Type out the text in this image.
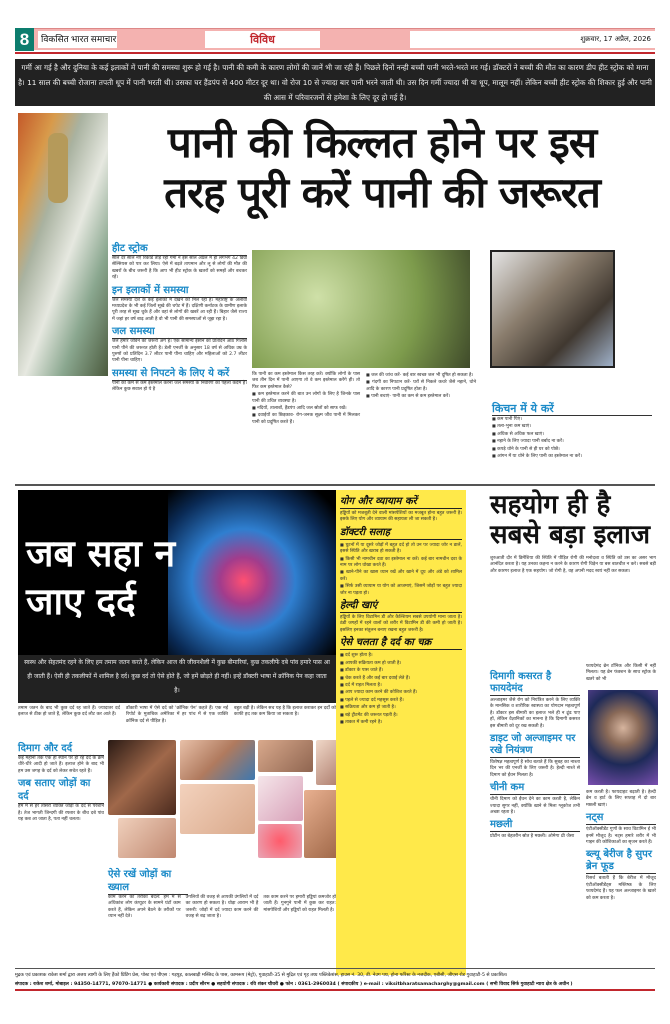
8	विकसित भारत समाचार	विविध	शुक्रवार, 17 अप्रैल, 2026
गर्मी आ गई है और दुनिया के कई इलाकों में पानी की समस्या शुरू हो गई है। पानी की कमी के कारण लोगों की जानें भी जा रही हैं। पिछले दिनों नन्ही बच्ची पानी भरते-भरते मर गई। डॉक्टरों ने बच्ची की मौत का कारण डीप हीट स्ट्रोक को माना है। 11 साल की बच्ची रोजाना तपती धूप में पानी भरती थी। उसका घर हैंडपंप से 400 मीटर दूर था। वो रोज 10 से ज्यादा बार पानी भरने जाती थी। उस दिन गर्मी ज्यादा थी या धूप, मालूम नहीं। लेकिन बच्ची हीट स्ट्रोक की शिकार हुई और पानी की आस में परिवारजनों से हमेशा के लिए दूर हो गई है।
पानी की किल्लत होने पर इस
तरह पूरी करें पानी की जरूरत
हीट स्ट्रोक
साल दर साल नए रिकॉर्ड तोड़ रही गर्मी ने इस साल अप्रैल में ही लगभग 42 डिग्री सेल्सियस को पार कर लिया। ऐसे में बढ़ते तापमान और लू से लोगों की मौत की खबरों के बीच जरूरी है कि आप भी हीट स्ट्रोक के खतरों को समझें और बचकर रहें।
इन इलाकों में समस्या
जल समस्या देश के कई इलाकों में देखने को मिल रही है। महाराष्ट्र के अलावा मध्यप्रदेश के भी कई जिलों सूखे की चपेट में हैं। दक्षिणी कर्नाटक के ग्रामीण इलाके पूरी तरह से सूख चुके हैं और वहां से लोगों की खबरें आ रही हैं। बिहार जैसे राज्य में जहां हर वर्ष बाढ़ आती है वो भी पानी की समस्याओं से जूझ रहा है।
जल समस्या
जल हमारे जीवन का जरूरी अंग है। एक सामान्य इंसान को प्रतिदिन आठ गिलास पानी पीने की जरूरत होती है। डेली एनर्जी के अनुसार 18 वर्ष से अधिक उम्र के पुरुषों को प्रतिदिन 3.7 लीटर पानी पीना चाहिए और महिलाओं को 2.7 लीटर पानी पीना चाहिए।
समस्या से निपटने के लिए ये करें
पानी का कम से कम इस्तेमाल करना जल समस्या के निवारण का पहला कदम है। लेकिन कुछ सवाल हो ये है
कि पानी का कम इस्तेमाल किस तरह करें। क्योंकि लोगों के पास जब तीन दिन में पानी आएगा तो वे कम इस्तेमाल करेंगे ही। तो फिर कम इस्तेमाल कैसे?
■ कम इस्तेमाल करने की बात उन लोगों के लिए है जिनके पास पानी की उचित व्यवस्था है।
■ नदियों, तालाबों, हैंडपंप आदि जल स्रोतों को साफ रखें।
■ दवाईयों का छिड़काव- रोग-जनक सूक्ष्म जीव पानी में मिलकर पानी को प्रदूषित करते हैं।
■ जल की जांच करें- कई बार स्वच्छ जल भी दूषित हो सकता है।
■ गंदगी का निपटान करें- घरों से निकले कचरे जैसे नहाने, धोने आदि के कारण पानी प्रदूषित होता है।
■ पानी बचाएं- पानी का कम से कम इस्तेमाल करें।
किचन में ये करें
■ कम पानी पिएं।
■ तला-भुना कम खाएं।
■ अधिक से अधिक फल खाएं।
■ नहाने के लिए ज्यादा पानी बर्बाद ना करें।
■ कपड़े धोने के पानी से ही घर को पोछें।
■ आंगन में या धोने के लिए पानी का इस्तेमाल ना करें।
जब सहा न
जाए दर्द
स्वस्थ और सेहतमंद रहने के लिए हम तमाम जतन करते हैं, लेकिन आज की जीवनशैली में कुछ बीमारियां, कुछ तकलीफें दबे पांव हमारे पास आ ही जाती हैं। ऐसी ही तकलीफों में शामिल है दर्द। कुछ दर्द तो ऐसे होते हैं, जो हमें छोड़ते ही नहीं। इन्हें डॉक्टरी भाषा में क्रॉनिक पेन कहा जाता है।
तमाम जतन के बाद भी कुछ दर्द रह जाते हैं। ज्यादातर दर्द इलाज से ठीक हो जाते हैं, लेकिन कुछ दर्द लौट कर आते हैं।
डॉक्टरी भाषा में ऐसे दर्द को 'क्रॉनिक पेन' कहते हैं। एक नई रिपोर्ट के मुताबिक अमेरिका में हर पांच में से एक व्यक्ति क्रॉनिक दर्द से पीड़ित है।
बहुत बड़ी है। लेकिन सच यह है कि इलाज कराकर इन दर्दों को काफी हद तक कम किया जा सकता है।
दिमाग और दर्द
कई महीनों तक एक ही स्थान पर हो रहे दर्द के क्रम धीरे-धीरे आदी हो जाते हैं। इलाज होने के बाद भी हम उस जगह के दर्द को लेकर सचेत रहते हैं।
जब सताए जोड़ों का दर्द
हम में से हर तीसरा व्यक्ति जोड़ों के दर्द से परेशान है। तेज भागती जिन्दगी की रफ्तार के बीच दबे पांव यह कब आ जाता है, पता नहीं चलता।
ऐसे रखें जोड़ों का ख्याल
काम करने का तरीका बदलें: हम में से अधिकांश लोग कंप्यूटर के सामने घंटों काम करते हैं, लेकिन अपने बैठने के तरीकों पर ध्यान नहीं देते।
उंगलियों की वजह से आपकी उंगलियों में दर्द का कारण हो सकता है। थोड़ा आराम भी है जरूरी: जोड़ों में दर्द ज्यादा काम करने की वजह से बढ़ जाता है।
तक काम करने पर हमारी हड्डियां कमजोर हो जाती हैं। गुनगुने पानी में कुछ कर राहत: मांसपेशियों और हड्डियों को राहत मिलती है।
योग और व्यायाम करें
हड्डियों को मजबूती देने वाली मांसपेशियों का मजबूत होना बहुत जरूरी है। इसके लिए योग और व्यायाम की सहायता ली जा सकती है।
डॉक्टरी सलाह
■ घुटनों में या दूसरे जोड़ों में बहुत दर्द हो तो उन पर ज्यादा जोर न डालें, इससे स्थिति और खराब हो सकती है।
■ किसी भी नामचीन दवा का इस्तेमाल ना करें। कई बार नामचीन दवा के नाम पर लोग धोखा करते हैं।
■ खाने-पीने का खास ध्यान रखें और खाने में दूध और अंडे को शामिल करें।
■ सिर्फ उसी व्यायाम या योग को आजमाएं, जिसमें जोड़ों पर बहुत ज्यादा जोर ना पड़ता हो।
हेल्दी खाएं
हड्डियों के लिए विटामिन डी और कैल्शियम सबसे उपयोगी माना जाता है। ठंडी जगहों में रहने वालों को शरीर में विटामिन डी की कमी हो जाती है। इसलिए इनका संतुलन बनाए रखना बहुत जरूरी है।
ऐसे चलता है दर्द का चक्र
■ दर्द शुरू होता है।
■ आपकी सक्रियता कम हो जाती है।
■ डॉक्टर के पास जाते हैं।
■ चेक करते हैं और कई बार दवाई लेते हैं।
■ दर्द में राहत मिलता है।
■ आप ज्यादा काम करने की कोशिश करते हैं।
■ पहले से ज्यादा दर्द महसूस करते हैं।
■ सक्रियता और कम हो जाती है।
■ बड़े ट्रीटमेंट की जरूरत पड़ती है।
■ ताकत में कमी रहने है।
सहयोग ही है
सबसे बड़ा इलाज
शुरुआती दौर में डिमेंशिया की स्थिति में पीड़ित रोगी की मनोदशा व स्थिति को उस का असर भाग आनंदित करता है। यह उनका कहना न करने के कारण रोगी चिड़ेन या बस बातचीत न करे। सबसे बड़ी और कारगर इलाज है एक सहयोग। जो रोगी है, वह अपनी मदद स्वयं नहीं कर सकता।
दिमागी कसरत है फायदेमंद
अल्जाइमर जैसे रोग को नियंत्रित करने के लिए व्यक्ति के मानसिक व शारीरिक स्वास्थ्य का योगदान महत्वपूर्ण है। डॉक्टर इस बीमारी का इलाज भले ही न ढूंढ पाए हों, लेकिन वैज्ञानिकों का मानना है कि दिमागी कसरत इस बीमारी को दूर रख सकती है।
डाइट जो अल्जाइमर पर रखे नियंत्रण
विशेषज्ञ महत्वपूर्ण है सोच बताते हैं कि सुबह का नाश्ता दिन भर की एनर्जी के लिए जरूरी है। हेल्दी नाश्ते से दिमाग को ईंधन मिलता है।
चीनी कम
चीनी दिमाग को ईंधन देने का काम करती है, लेकिन ज्यादा सुगर नहीं, क्योंकि खाने से मिला ग्लूकोज तभी अच्छा रहता है।
मछली
प्रोटीन का बेहतरीन स्रोत है मछली। ओमेगा थ्री जैसा
फायदेमंद ब्रेन टॉनिक और किसी में नहीं मिलता। यह ब्रेन फंक्शन के साथ स्ट्रोक के खतरे को भी
कम करती है। फायदाहट बढ़ाती है। हेल्दी ब्रेन व हार्ट के लिए सप्ताह में दो बार मछली खाएं।
नट्स
एंटीऑक्सीडेंट गुणों के साथ विटामिन ई भी इनमें मौजूद है। नट्स हमारे शरीर में भी गाइन की कोशिकाओं का सृजन करते हैं।
ब्ल्यू बेरीज है सुपर ब्रेन फूड
रिसर्च बताती हैं कि बेरीज में मौजूद एंटीऑक्सीडेंट्स मस्तिष्क के लिए फायदेमंद हैं। यह फल अल्जाइमर के खतरे को कम करता है।
मुद्रक एवं प्रकाशक राकेश शर्मा द्वारा अजय त्यागी के लिए हैंको प्रिंटिंग प्रेस, पोस्ट एवं पीएस : गड़पुड़, कालबाड़ी मस्जिद के पास, कामरूप (मेट्रो), गुवाहाटी-35 से मुद्रित एवं गृह तथ्य पब्लिकेशंस, हाउस नं. 30, डी. नेउग पथ, होना फॉरेस्ट के नजदीक, एबीसी, जीएस रोड गुवाहाटी-5 से प्रकाशित।
संपादक : राकेश शर्मा, मोबाइल : 94350-14771, 97070-14771 ● कार्यकारी संपादक : प्रदीप सौरभ ● सहयोगी संपादक : रवि शंकर चौधरी ● फोन : 0361-2960034 ( संपादकीय ) e-mail : viksitbharatsamacharghy@gmail.com ( सभी विवाद सिर्फ गुवाहाटी न्याय क्षेत्र के अधीन )
